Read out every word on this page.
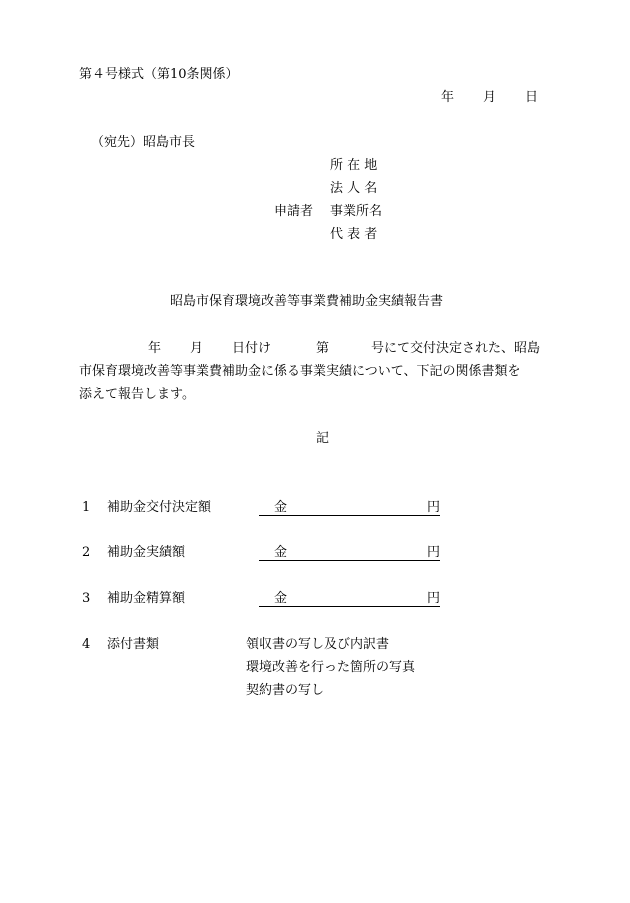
第４号様式（第10条関係）
年 月 日
（宛先）昭島市長
所 在 地
法 人 名
申請者 事業所名
代 表 者
昭島市保育環境改善等事業費補助金実績報告書
年 月 日付け	第	号にて交付決定された、昭島
市保育環境改善等事業費補助金に係る事業実績について、下記の関係書類を
添えて報告します。
記
1 補助金交付決定額	金	円
2 補助金実績額	金	円
3 補助金精算額	金	円
4 添付書類	領収書の写し及び内訳書
環境改善を行った箇所の写真
契約書の写し
